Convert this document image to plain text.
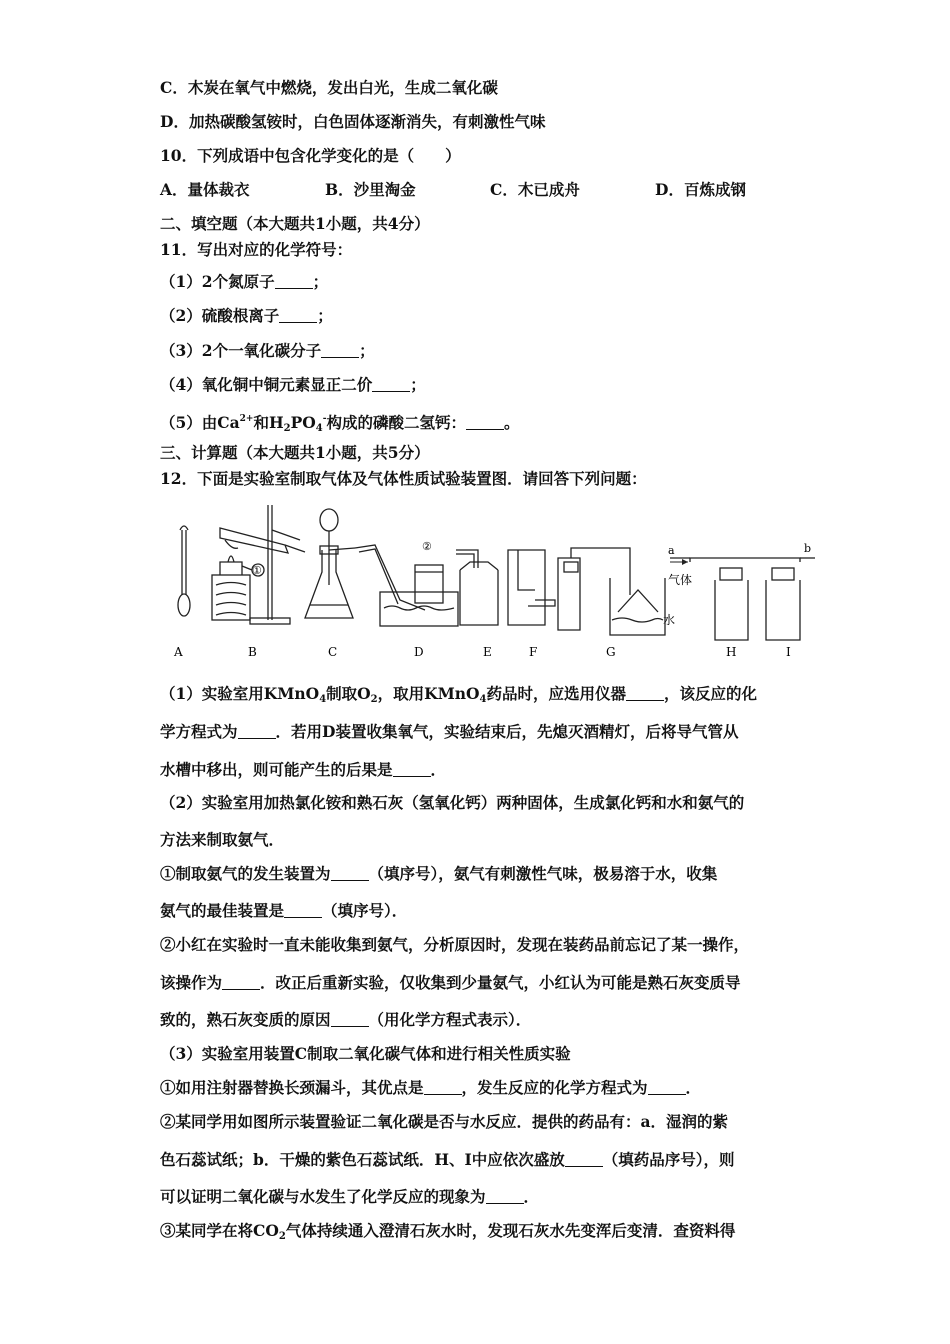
C．木炭在氧气中燃烧，发出白光，生成二氧化碳
D．加热碳酸氢铵时，白色固体逐渐消失，有刺激性气味
10．下列成语中包含化学变化的是（　　）
A．量体裁衣	B．沙里淘金	C．木已成舟	D．百炼成钢
二、填空题（本大题共1小题，共4分）
11．写出对应的化学符号：
（1）2个氮原子 ；
（2）硫酸根离子 ；
（3）2个一氧化碳分子 ；
（4）氧化铜中铜元素显正二价 ；
（5）由$Ca^{2+}$和$H_2PO_4^-$构成的磷酸二氢钙： 。
三、计算题（本大题共1小题，共5分）
12．下面是实验室制取气体及气体性质试验装置图．请回答下列问题：
①
②
气体
a	b
水
A	B	C	D	E	F	G	H	I
（1）实验室用KMnO$_4$制取$O_2$，取用KMnO$_4$药品时，应选用仪器 ，该反应的化
学方程式为 ．若用D装置收集氧气，实验结束后，先熄灭酒精灯，后将导气管从
水槽中移出，则可能产生的后果是 ．
（2）实验室用加热氯化铵和熟石灰（氢氧化钙）两种固体，生成氯化钙和水和氨气的
方法来制取氨气．
①制取氨气的发生装置为 （填序号），氨气有刺激性气味，极易溶于水，收集
氨气的最佳装置是 （填序号）．
②小红在实验时一直未能收集到氨气，分析原因时，发现在装药品前忘记了某一操作，
该操作为 ．改正后重新实验，仅收集到少量氨气，小红认为可能是熟石灰变质导
致的，熟石灰变质的原因 （用化学方程式表示）．
（3）实验室用装置C制取二氧化碳气体和进行相关性质实验
①如用注射器替换长颈漏斗，其优点是 ，发生反应的化学方程式为 ．
②某同学用如图所示装置验证二氧化碳是否与水反应．提供的药品有：a．湿润的紫
色石蕊试纸；b．干燥的紫色石蕊试纸．H、I中应依次盛放 （填药品序号），则
可以证明二氧化碳与水发生了化学反应的现象为 ．
③某同学在将$CO_2$气体持续通入澄清石灰水时，发现石灰水先变浑后变清．查资料得
